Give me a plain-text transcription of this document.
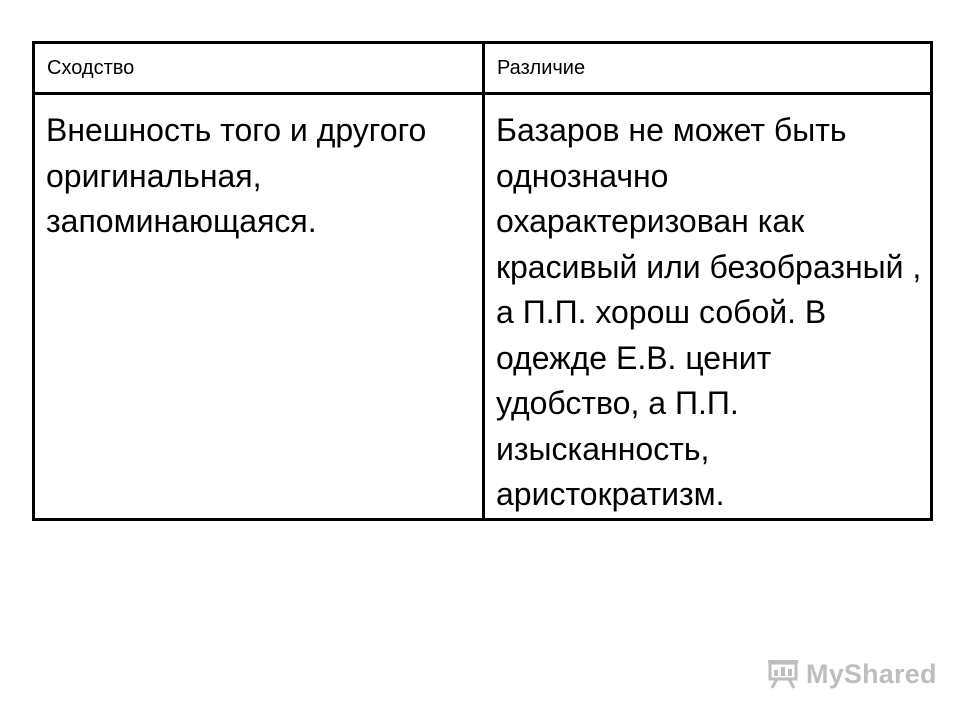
Сходство	Различие

Внешность того и другого оригинальная, запоминающаяся.	Базаров не может быть однозначно охарактеризован как красивый или безобразный , а П.П. хорош собой. В одежде Е.В. ценит удобство, а П.П. изысканность, аристократизм.
MyShared
